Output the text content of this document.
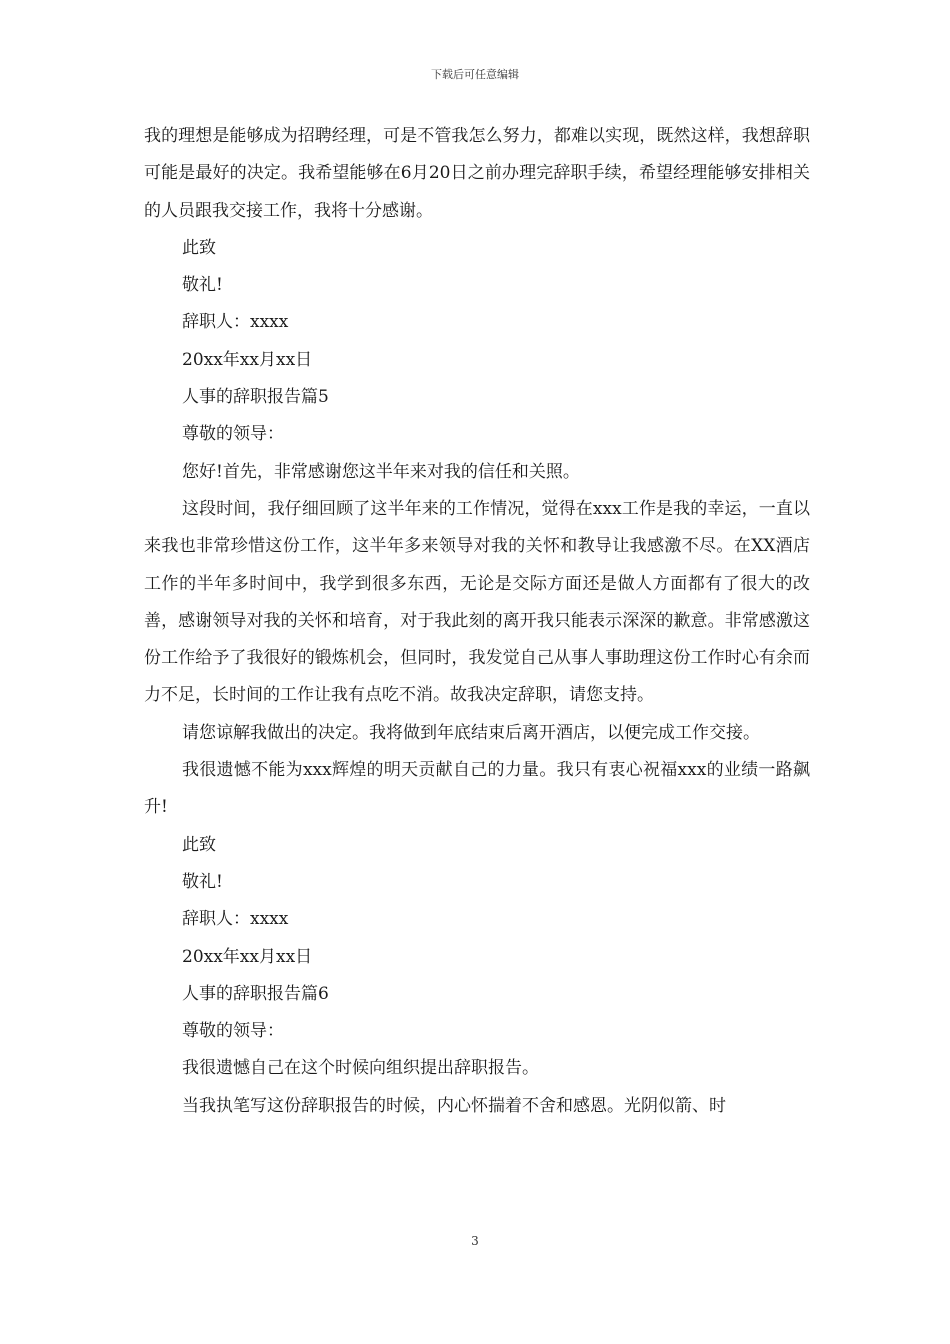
下载后可任意编辑

我的理想是能够成为招聘经理，可是不管我怎么努力，都难以实现，既然这样，我想辞职可能是最好的决定。我希望能够在6月20日之前办理完辞职手续，希望经理能够安排相关的人员跟我交接工作，我将十分感谢。

此致

敬礼!

辞职人：xxxx

20xx年xx月xx日

人事的辞职报告篇5

尊敬的领导：

您好!首先，非常感谢您这半年来对我的信任和关照。

这段时间，我仔细回顾了这半年来的工作情况，觉得在xxx工作是我的幸运，一直以来我也非常珍惜这份工作，这半年多来领导对我的关怀和教导让我感激不尽。在XX酒店工作的半年多时间中，我学到很多东西，无论是交际方面还是做人方面都有了很大的改善，感谢领导对我的关怀和培育，对于我此刻的离开我只能表示深深的歉意。非常感激这份工作给予了我很好的锻炼机会，但同时，我发觉自己从事人事助理这份工作时心有余而力不足，长时间的工作让我有点吃不消。故我决定辞职，请您支持。

请您谅解我做出的决定。我将做到年底结束后离开酒店，以便完成工作交接。

我很遗憾不能为xxx辉煌的明天贡献自己的力量。我只有衷心祝福xxx的业绩一路飙升!

此致

敬礼!

辞职人：xxxx

20xx年xx月xx日

人事的辞职报告篇6

尊敬的领导：

我很遗憾自己在这个时候向组织提出辞职报告。

当我执笔写这份辞职报告的时候，内心怀揣着不舍和感恩。光阴似箭、时

3
